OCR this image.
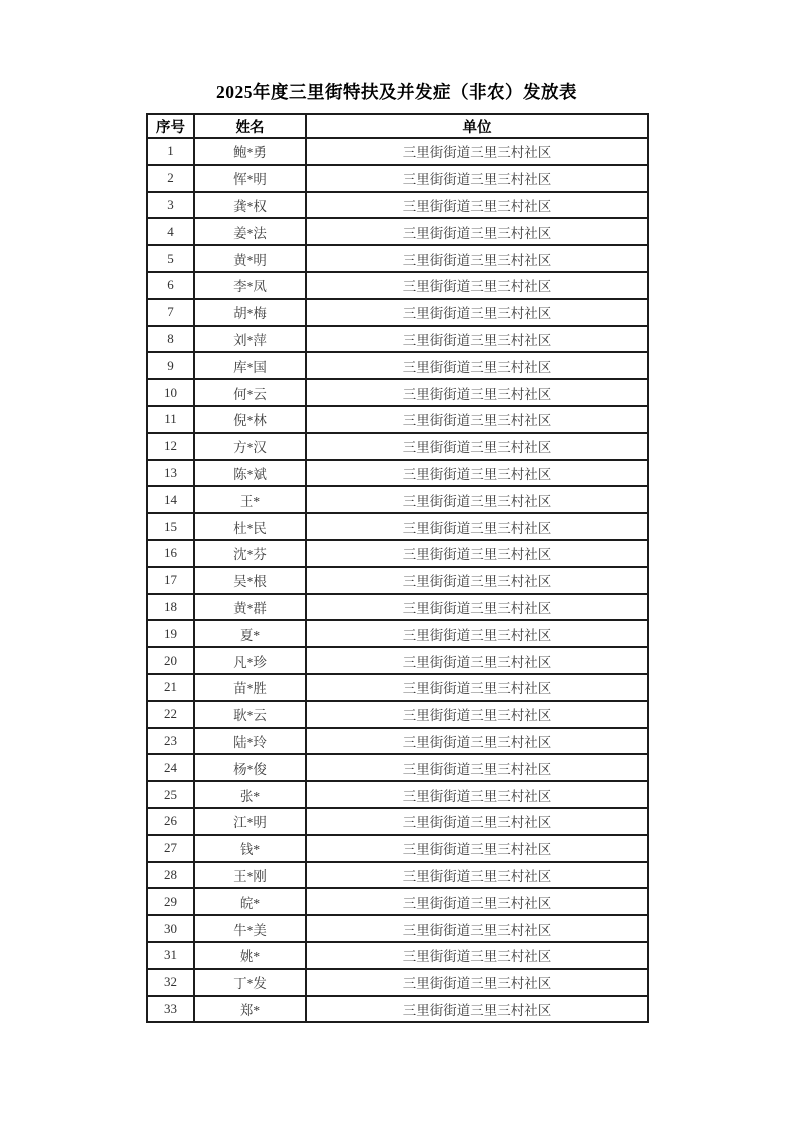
2025年度三里街特扶及并发症（非农）发放表
序号	姓名	单位
1	鲍*勇	三里街街道三里三村社区
2	恽*明	三里街街道三里三村社区
3	龚*权	三里街街道三里三村社区
4	姜*法	三里街街道三里三村社区
5	黄*明	三里街街道三里三村社区
6	李*凤	三里街街道三里三村社区
7	胡*梅	三里街街道三里三村社区
8	刘*萍	三里街街道三里三村社区
9	库*国	三里街街道三里三村社区
10	何*云	三里街街道三里三村社区
11	倪*林	三里街街道三里三村社区
12	方*汉	三里街街道三里三村社区
13	陈*斌	三里街街道三里三村社区
14	王*	三里街街道三里三村社区
15	杜*民	三里街街道三里三村社区
16	沈*芬	三里街街道三里三村社区
17	吴*根	三里街街道三里三村社区
18	黄*群	三里街街道三里三村社区
19	夏*	三里街街道三里三村社区
20	凡*珍	三里街街道三里三村社区
21	苗*胜	三里街街道三里三村社区
22	耿*云	三里街街道三里三村社区
23	陆*玲	三里街街道三里三村社区
24	杨*俊	三里街街道三里三村社区
25	张*	三里街街道三里三村社区
26	江*明	三里街街道三里三村社区
27	钱*	三里街街道三里三村社区
28	王*刚	三里街街道三里三村社区
29	皖*	三里街街道三里三村社区
30	牛*美	三里街街道三里三村社区
31	姚*	三里街街道三里三村社区
32	丁*发	三里街街道三里三村社区
33	郑*	三里街街道三里三村社区
